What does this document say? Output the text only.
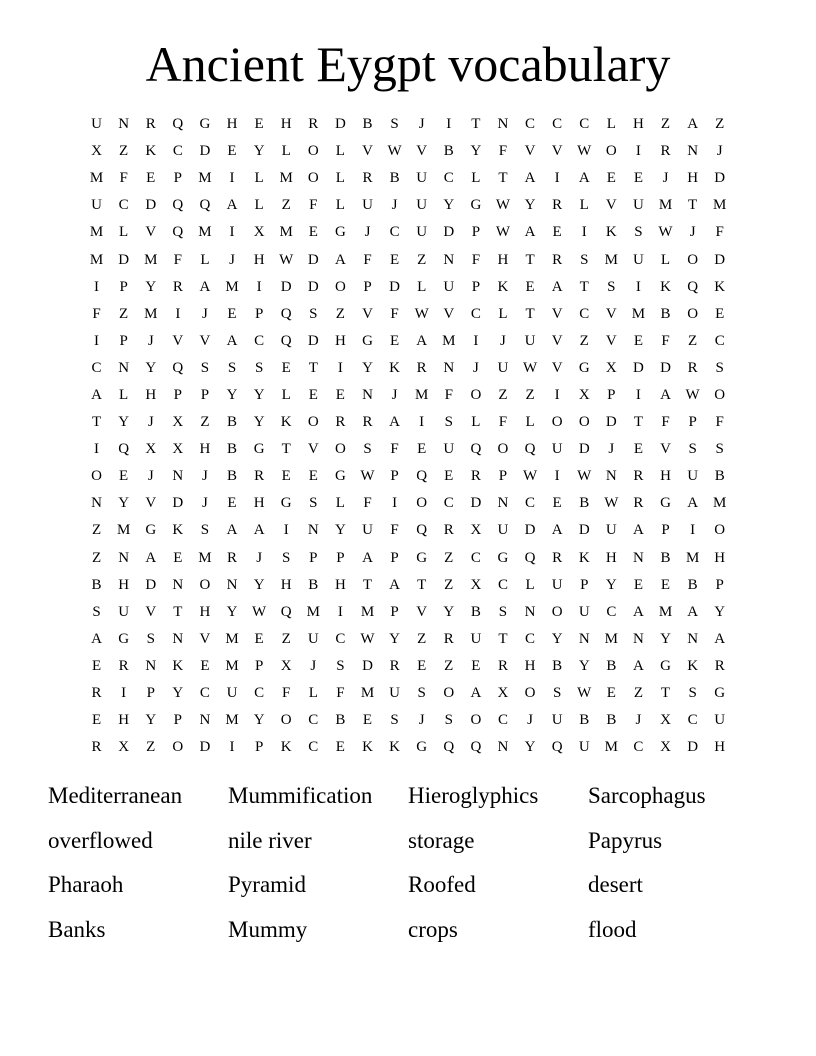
Ancient Eygpt vocabulary
U	N	R	Q	G	H	E	H	R	D	B	S	J	I	T	N	C	C	C	L	H	Z	A	Z
X	Z	K	C	D	E	Y	L	O	L	V W V	B	Y	F	V	V W O	I	R	N	J
M	F	E	P	M	I	L	M	O	L	R	B	U	C	L	T	A	I	A	E	E	J	H	D
U	C	D	Q	Q	A	L	Z	F	L	U	J	U	Y	G W Y	R	L	V	U	M	T	M
M	L	V	Q	M	I	X	M	E	G	J	C	U	D	P	W A	E	I	K	S	W	J	F
M	D	M	F	L	J	H W D	A	F	E	Z	N	F	H	T	R	S	M	U	L	O	D
I	P	Y	R	A	M	I	D	D	O	P	D	L	U	P	K	E	A	T	S	I	K	Q	K
F	Z	M	I	J	E	P	Q	S	Z	V	F	W V	C	L	T	V	C	V	M	B	O	E
I	P	J	V	V	A	C	Q	D	H	G	E	A	M	I	J	U	V	Z	V	E	F	Z	C
C	N	Y	Q	S	S	S	E	T	I	Y	K	R	N	J	U W V	G	X	D	D	R	S
A	L	H	P	P	Y	Y	L	E	E	N	J	M	F	O	Z	Z	I	X	P	I	A W O
T	Y	J	X	Z	B	Y	K	O	R	R	A	I	S	L	F	L	O	O	D	T	F	P	F
I	Q	X	X	H	B	G	T	V	O	S	F	E	U	Q	O	Q	U	D	J	E	V	S	S
O	E	J	N	J	B	R	E	E	G W	P	Q	E	R	P	W	I	W N	R	H	U	B
N	Y	V	D	J	E	H	G	S	L	F	I	O	C	D	N	C	E	B	W	R	G	A	M
Z	M	G	K	S	A	A	I	N	Y	U	F	Q	R	X	U	D	A	D	U	A	P	I	O
Z	N	A	E	M	R	J	S	P	P	A	P	G	Z	C	G	Q	R	K	H	N	B	M	H
B	H	D	N	O	N	Y	H	B	H	T	A	T	Z	X	C	L	U	P	Y	E	E	B	P
S	U	V	T	H	Y W Q	M	I	M	P	V	Y	B	S	N	O	U	C	A	M	A	Y
A	G	S	N	V	M	E	Z	U	C	W Y	Z	R	U	T	C	Y	N	M	N	Y	N	A
E	R	N	K	E	M	P	X	J	S	D	R	E	Z	E	R	H	B	Y	B	A	G	K	R
R	I	P	Y	C	U	C	F	L	F	M	U	S	O	A	X	O	S	W	E	Z	T	S	G
E	H	Y	P	N	M	Y	O	C	B	E	S	J	S	O	C	J	U	B	B	J	X	C	U
R	X	Z	O	D	I	P	K	C	E	K	K	G	Q	Q	N	Y	Q	U	M	C	X	D	H
Mediterranean	Mummification	Hieroglyphics	Sarcophagus
overflowed	nile river	storage	Papyrus
Pharaoh	Pyramid	Roofed	desert
Banks	Mummy	crops	flood
